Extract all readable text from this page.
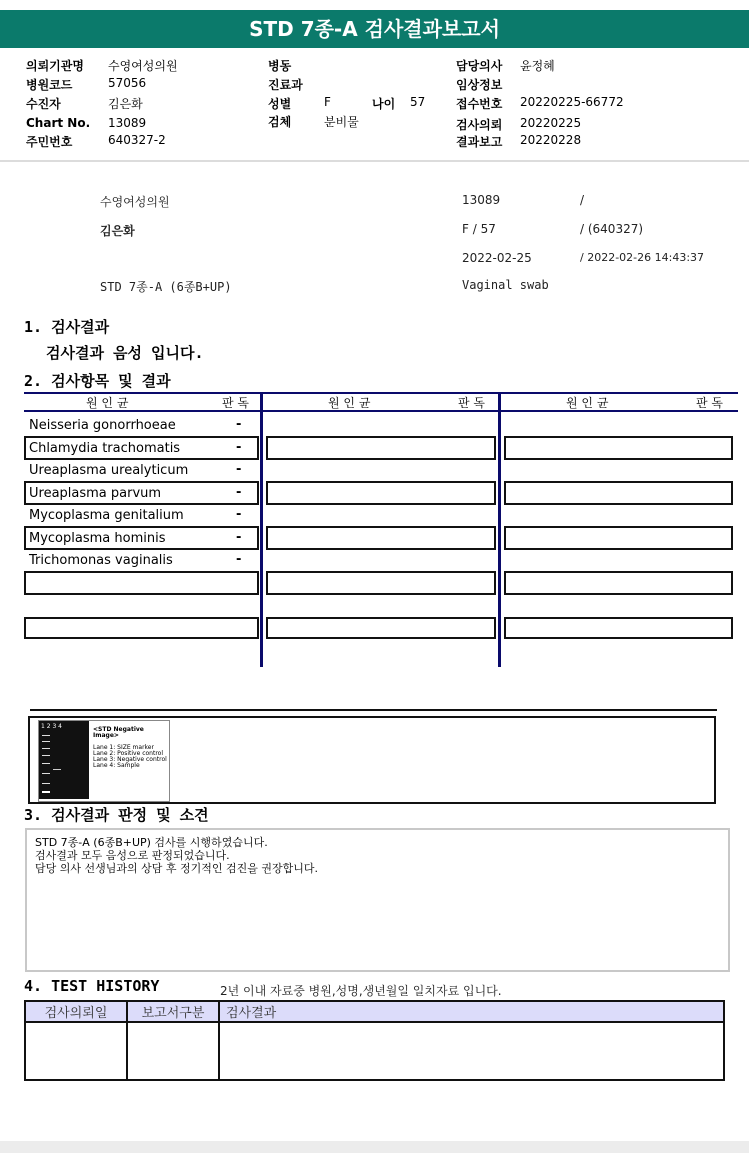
STD 7종-A 검사결과보고서
의뢰기관명 수영여성의원
병원코드	57056
수진자	김은화
Chart No. 13089
주민번호	640327-2
병동
진료과
성별	F	나이 57
검체	분비물
담당의사 윤정혜
임상정보
접수번호 20220225-66772
검사의뢰 20220225
결과보고 20220228
수영여성의원
김은화
STD 7종-A (6종B+UP)
13089	/
F / 57	/ (640327)
2022-02-25	/ 2022-02-26 14:43:37
Vaginal swab
1. 검사결과
검사결과 음성 입니다.
2. 검사항목 및 결과
원 인 균	판 독	원 인 균	판 독	원 인 균	판 독
Neisseria gonorrhoeae	-
Chlamydia trachomatis	-
Ureaplasma urealyticum	-
Ureaplasma parvum	-
Mycoplasma genitalium	-
Mycoplasma hominis	-
Trichomonas vaginalis	-
1 2 3 4	<STD Negative Image>
Lane 1: SIZE marker
Lane 2: Positive control
Lane 3: Negative control
Lane 4: Sample
3. 검사결과 판정 및 소견
STD 7종-A (6종B+UP) 검사를 시행하였습니다.
검사결과 모두 음성으로 판정되었습니다.
담당 의사 선생님과의 상담 후 정기적인 검진을 권장합니다.
4. TEST HISTORY	2년 이내 자료중 병원,성명,생년월일 일치자료 입니다.
검사의뢰일	보고서구분	검사결과
